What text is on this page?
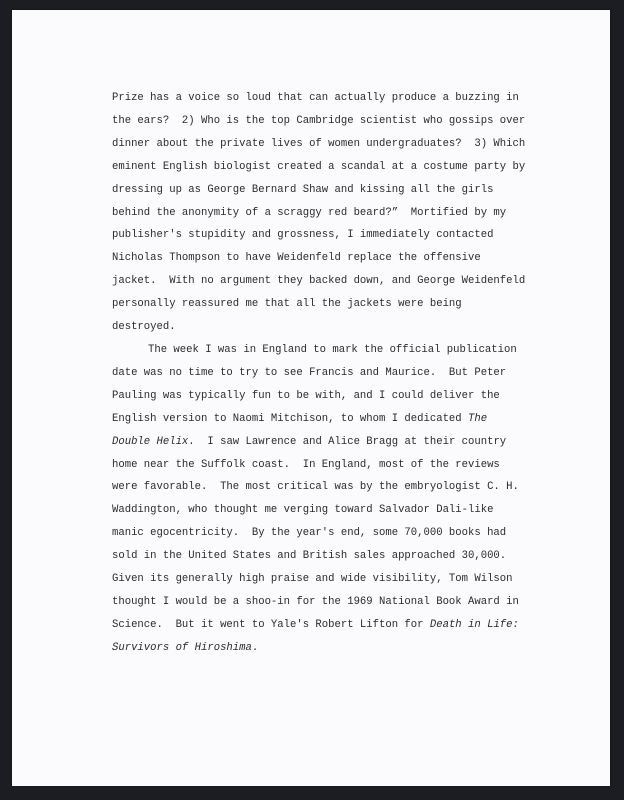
Prize has a voice so loud that can actually produce a buzzing in
the ears?  2) Who is the top Cambridge scientist who gossips over
dinner about the private lives of women undergraduates?  3) Which
eminent English biologist created a scandal at a costume party by
dressing up as George Bernard Shaw and kissing all the girls
behind the anonymity of a scraggy red beard?”  Mortified by my
publisher's stupidity and grossness, I immediately contacted
Nicholas Thompson to have Weidenfeld replace the offensive
jacket.  With no argument they backed down, and George Weidenfeld
personally reassured me that all the jackets were being
destroyed.

The week I was in England to mark the official publication
date was no time to try to see Francis and Maurice.  But Peter
Pauling was typically fun to be with, and I could deliver the
English version to Naomi Mitchison, to whom I dedicated The
Double Helix.  I saw Lawrence and Alice Bragg at their country
home near the Suffolk coast.  In England, most of the reviews
were favorable.  The most critical was by the embryologist C. H.
Waddington, who thought me verging toward Salvador Dali-like
manic egocentricity.  By the year's end, some 70,000 books had
sold in the United States and British sales approached 30,000.
Given its generally high praise and wide visibility, Tom Wilson
thought I would be a shoo-in for the 1969 National Book Award in
Science.  But it went to Yale's Robert Lifton for Death in Life:
Survivors of Hiroshima.
